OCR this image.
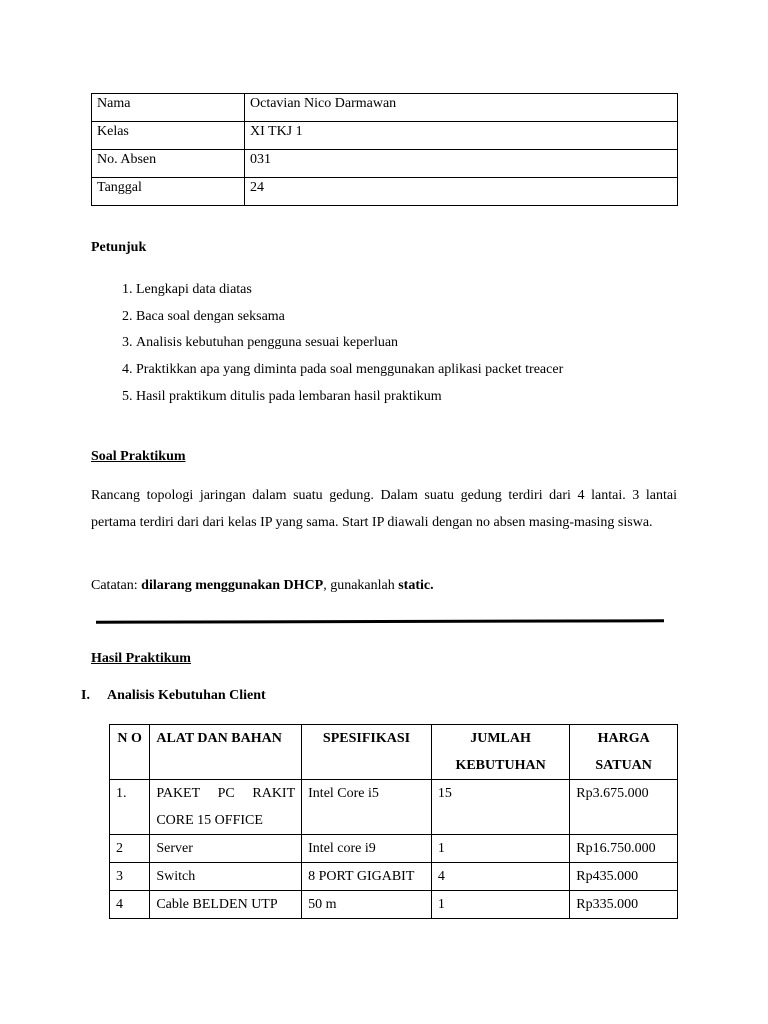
Nama	Octavian Nico Darmawan
Kelas	XI TKJ 1
No. Absen	031
Tanggal	24
Petunjuk
1. Lengkapi data diatas
2. Baca soal dengan seksama
3. Analisis kebutuhan pengguna sesuai keperluan
4. Praktikkan apa yang diminta pada soal menggunakan aplikasi packet treacer
5. Hasil praktikum ditulis pada lembaran hasil praktikum
Soal Praktikum
Rancang topologi jaringan dalam suatu gedung. Dalam suatu gedung terdiri dari 4 lantai. 3 lantai pertama terdiri dari dari kelas IP yang sama. Start IP diawali dengan no absen masing-masing siswa.
Catatan: dilarang menggunakan DHCP, gunakanlah static.
Hasil Praktikum
I. Analisis Kebutuhan Client
N O	ALAT DAN BAHAN	SPESIFIKASI	JUMLAH KEBUTUHAN	HARGA SATUAN
1.	PAKET PC RAKIT CORE 15 OFFICE	Intel Core i5	15	Rp3.675.000
2	Server	Intel core i9	1	Rp16.750.000
3	Switch	8 PORT GIGABIT	4	Rp435.000
4	Cable BELDEN UTP	50 m	1	Rp335.000
